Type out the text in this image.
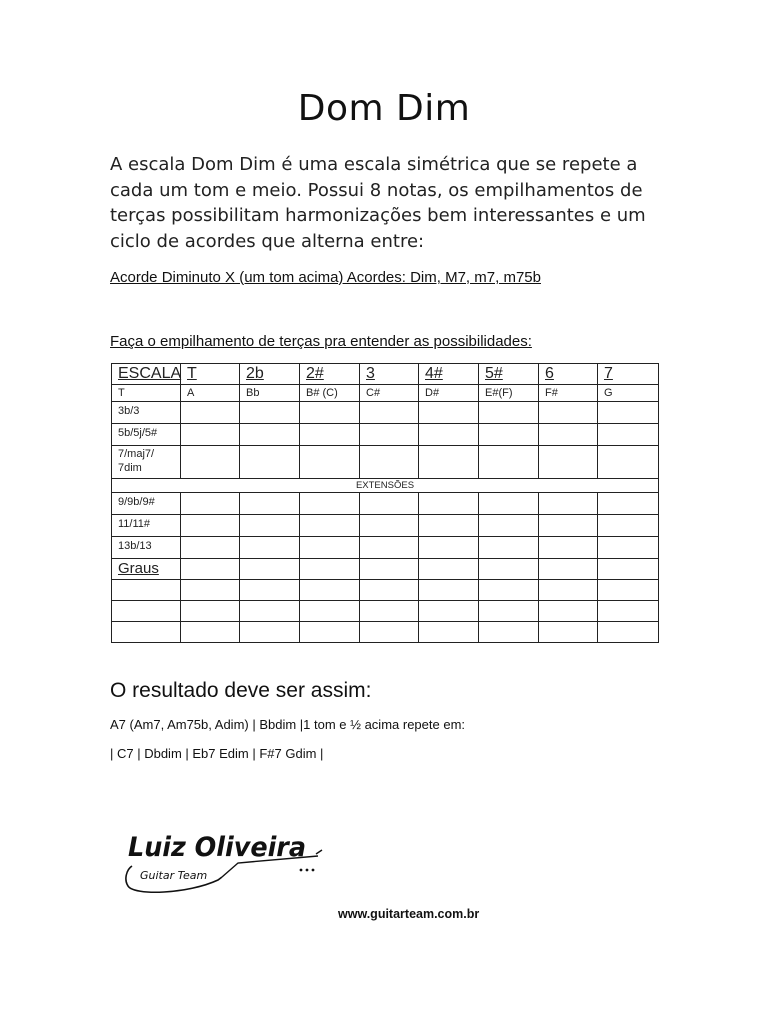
Dom Dim
A escala Dom Dim é uma escala simétrica que se repete a cada um tom e meio. Possui 8 notas, os empilhamentos de terças possibilitam harmonizações bem interessantes e um ciclo de acordes que alterna entre:
Acorde Diminuto X (um tom acima) Acordes: Dim, M7, m7, m75b
Faça o empilhamento de terças pra entender as possibilidades:
ESCALA	T	2b	2#	3	4#	5#	6	7
T	A	Bb	B# (C)	C#	D#	E#(F)	F#	G
3b/3								
5b/5j/5#								
7/maj7/ 7dim								
EXTENSÕES								
9/9b/9#								
11/11#								
13b/13								
Graus								

O resultado deve ser assim:
A7 (Am7, Am75b, Adim) | Bbdim |1 tom e ½ acima repete em:
| C7 | Dbdim | Eb7 Edim | F#7 Gdim |
Luiz Oliveira
Guitar Team
www.guitarteam.com.br
